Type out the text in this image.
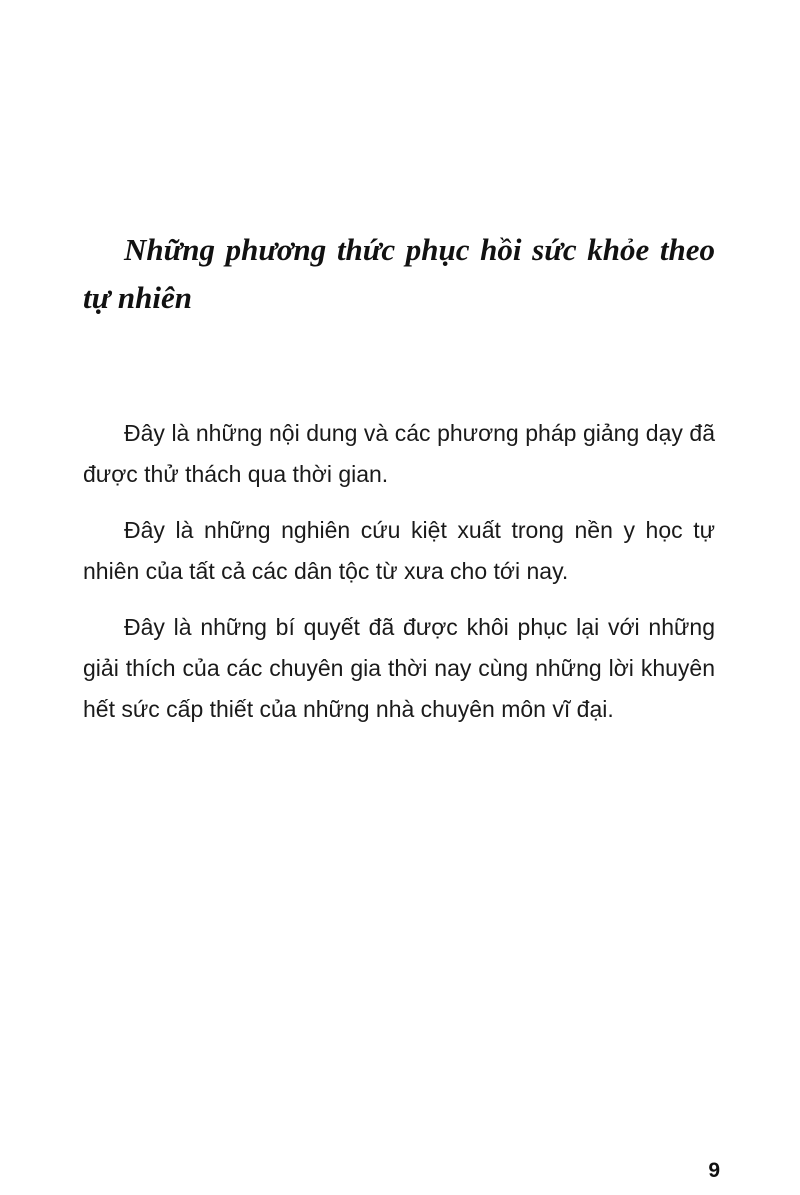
Những phương thức phục hồi sức khỏe theo tự nhiên

Đây là những nội dung và các phương pháp giảng dạy đã được thử thách qua thời gian.

Đây là những nghiên cứu kiệt xuất trong nền y học tự nhiên của tất cả các dân tộc từ xưa cho tới nay.

Đây là những bí quyết đã được khôi phục lại với những giải thích của các chuyên gia thời nay cùng những lời khuyên hết sức cấp thiết của những nhà chuyên môn vĩ đại.

9
